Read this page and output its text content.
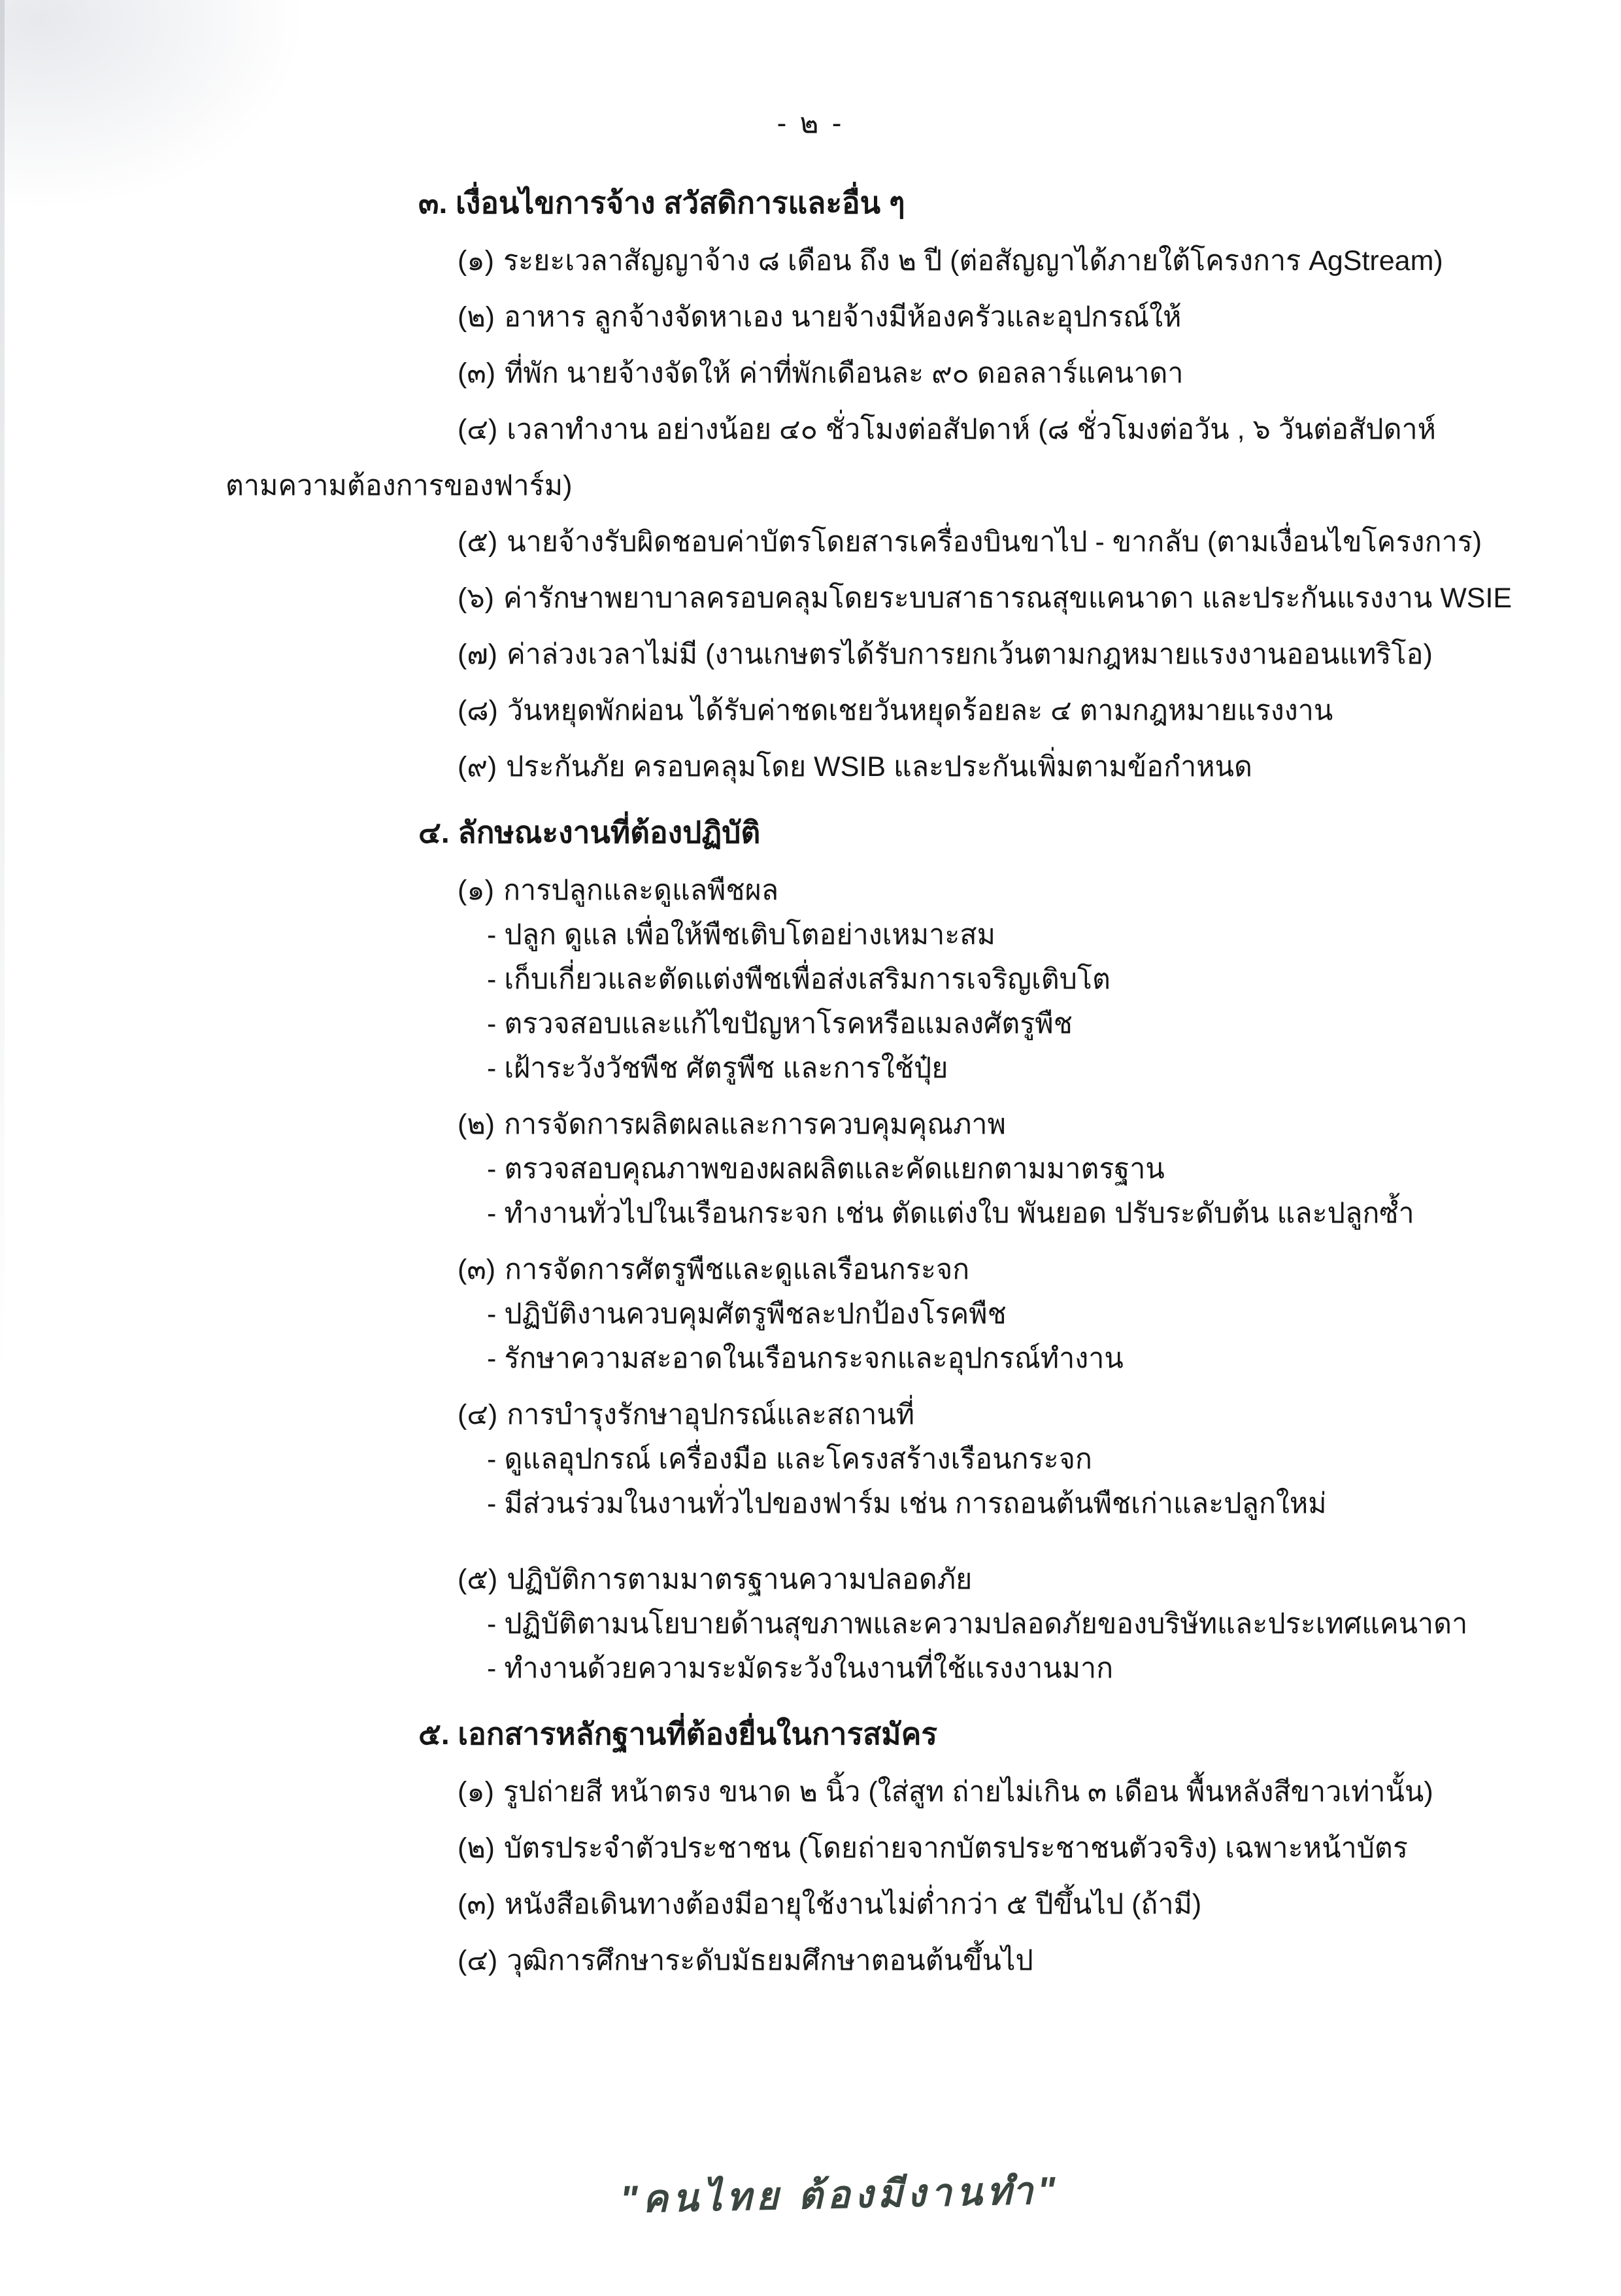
- ๒ -
๓. เงื่อนไขการจ้าง สวัสดิการและอื่น ๆ
(๑) ระยะเวลาสัญญาจ้าง ๘ เดือน ถึง ๒ ปี (ต่อสัญญาได้ภายใต้โครงการ AgStream)
(๒) อาหาร ลูกจ้างจัดหาเอง นายจ้างมีห้องครัวและอุปกรณ์ให้
(๓) ที่พัก นายจ้างจัดให้ ค่าที่พักเดือนละ ๙๐ ดอลลาร์แคนาดา
(๔) เวลาทำงาน อย่างน้อย ๔๐ ชั่วโมงต่อสัปดาห์ (๘ ชั่วโมงต่อวัน , ๖ วันต่อสัปดาห์
ตามความต้องการของฟาร์ม)
(๕) นายจ้างรับผิดชอบค่าบัตรโดยสารเครื่องบินขาไป - ขากลับ (ตามเงื่อนไขโครงการ)
(๖) ค่ารักษาพยาบาลครอบคลุมโดยระบบสาธารณสุขแคนาดา และประกันแรงงาน WSIE
(๗) ค่าล่วงเวลาไม่มี (งานเกษตรได้รับการยกเว้นตามกฎหมายแรงงานออนแทริโอ)
(๘) วันหยุดพักผ่อน ได้รับค่าชดเชยวันหยุดร้อยละ ๔ ตามกฎหมายแรงงาน
(๙) ประกันภัย ครอบคลุมโดย WSIB และประกันเพิ่มตามข้อกำหนด
๔. ลักษณะงานที่ต้องปฏิบัติ
(๑) การปลูกและดูแลพืชผล
- ปลูก ดูแล เพื่อให้พืชเติบโตอย่างเหมาะสม
- เก็บเกี่ยวและตัดแต่งพืชเพื่อส่งเสริมการเจริญเติบโต
- ตรวจสอบและแก้ไขปัญหาโรคหรือแมลงศัตรูพืช
- เฝ้าระวังวัชพืช ศัตรูพืช และการใช้ปุ๋ย
(๒) การจัดการผลิตผลและการควบคุมคุณภาพ
- ตรวจสอบคุณภาพของผลผลิตและคัดแยกตามมาตรฐาน
- ทำงานทั่วไปในเรือนกระจก เช่น ตัดแต่งใบ พันยอด ปรับระดับต้น และปลูกซ้ำ
(๓) การจัดการศัตรูพืชและดูแลเรือนกระจก
- ปฏิบัติงานควบคุมศัตรูพืชละปกป้องโรคพืช
- รักษาความสะอาดในเรือนกระจกและอุปกรณ์ทำงาน
(๔) การบำรุงรักษาอุปกรณ์และสถานที่
- ดูแลอุปกรณ์ เครื่องมือ และโครงสร้างเรือนกระจก
- มีส่วนร่วมในงานทั่วไปของฟาร์ม เช่น การถอนต้นพืชเก่าและปลูกใหม่
(๕) ปฏิบัติการตามมาตรฐานความปลอดภัย
- ปฏิบัติตามนโยบายด้านสุขภาพและความปลอดภัยของบริษัทและประเทศแคนาดา
- ทำงานด้วยความระมัดระวังในงานที่ใช้แรงงานมาก
๕. เอกสารหลักฐานที่ต้องยื่นในการสมัคร
(๑) รูปถ่ายสี หน้าตรง ขนาด ๒ นิ้ว (ใส่สูท ถ่ายไม่เกิน ๓ เดือน พื้นหลังสีขาวเท่านั้น)
(๒) บัตรประจำตัวประชาชน (โดยถ่ายจากบัตรประชาชนตัวจริง) เฉพาะหน้าบัตร
(๓) หนังสือเดินทางต้องมีอายุใช้งานไม่ต่ำกว่า ๕ ปีขึ้นไป (ถ้ามี)
(๔) วุฒิการศึกษาระดับมัธยมศึกษาตอนต้นขึ้นไป
"คนไทย ต้องมีงานทำ"
